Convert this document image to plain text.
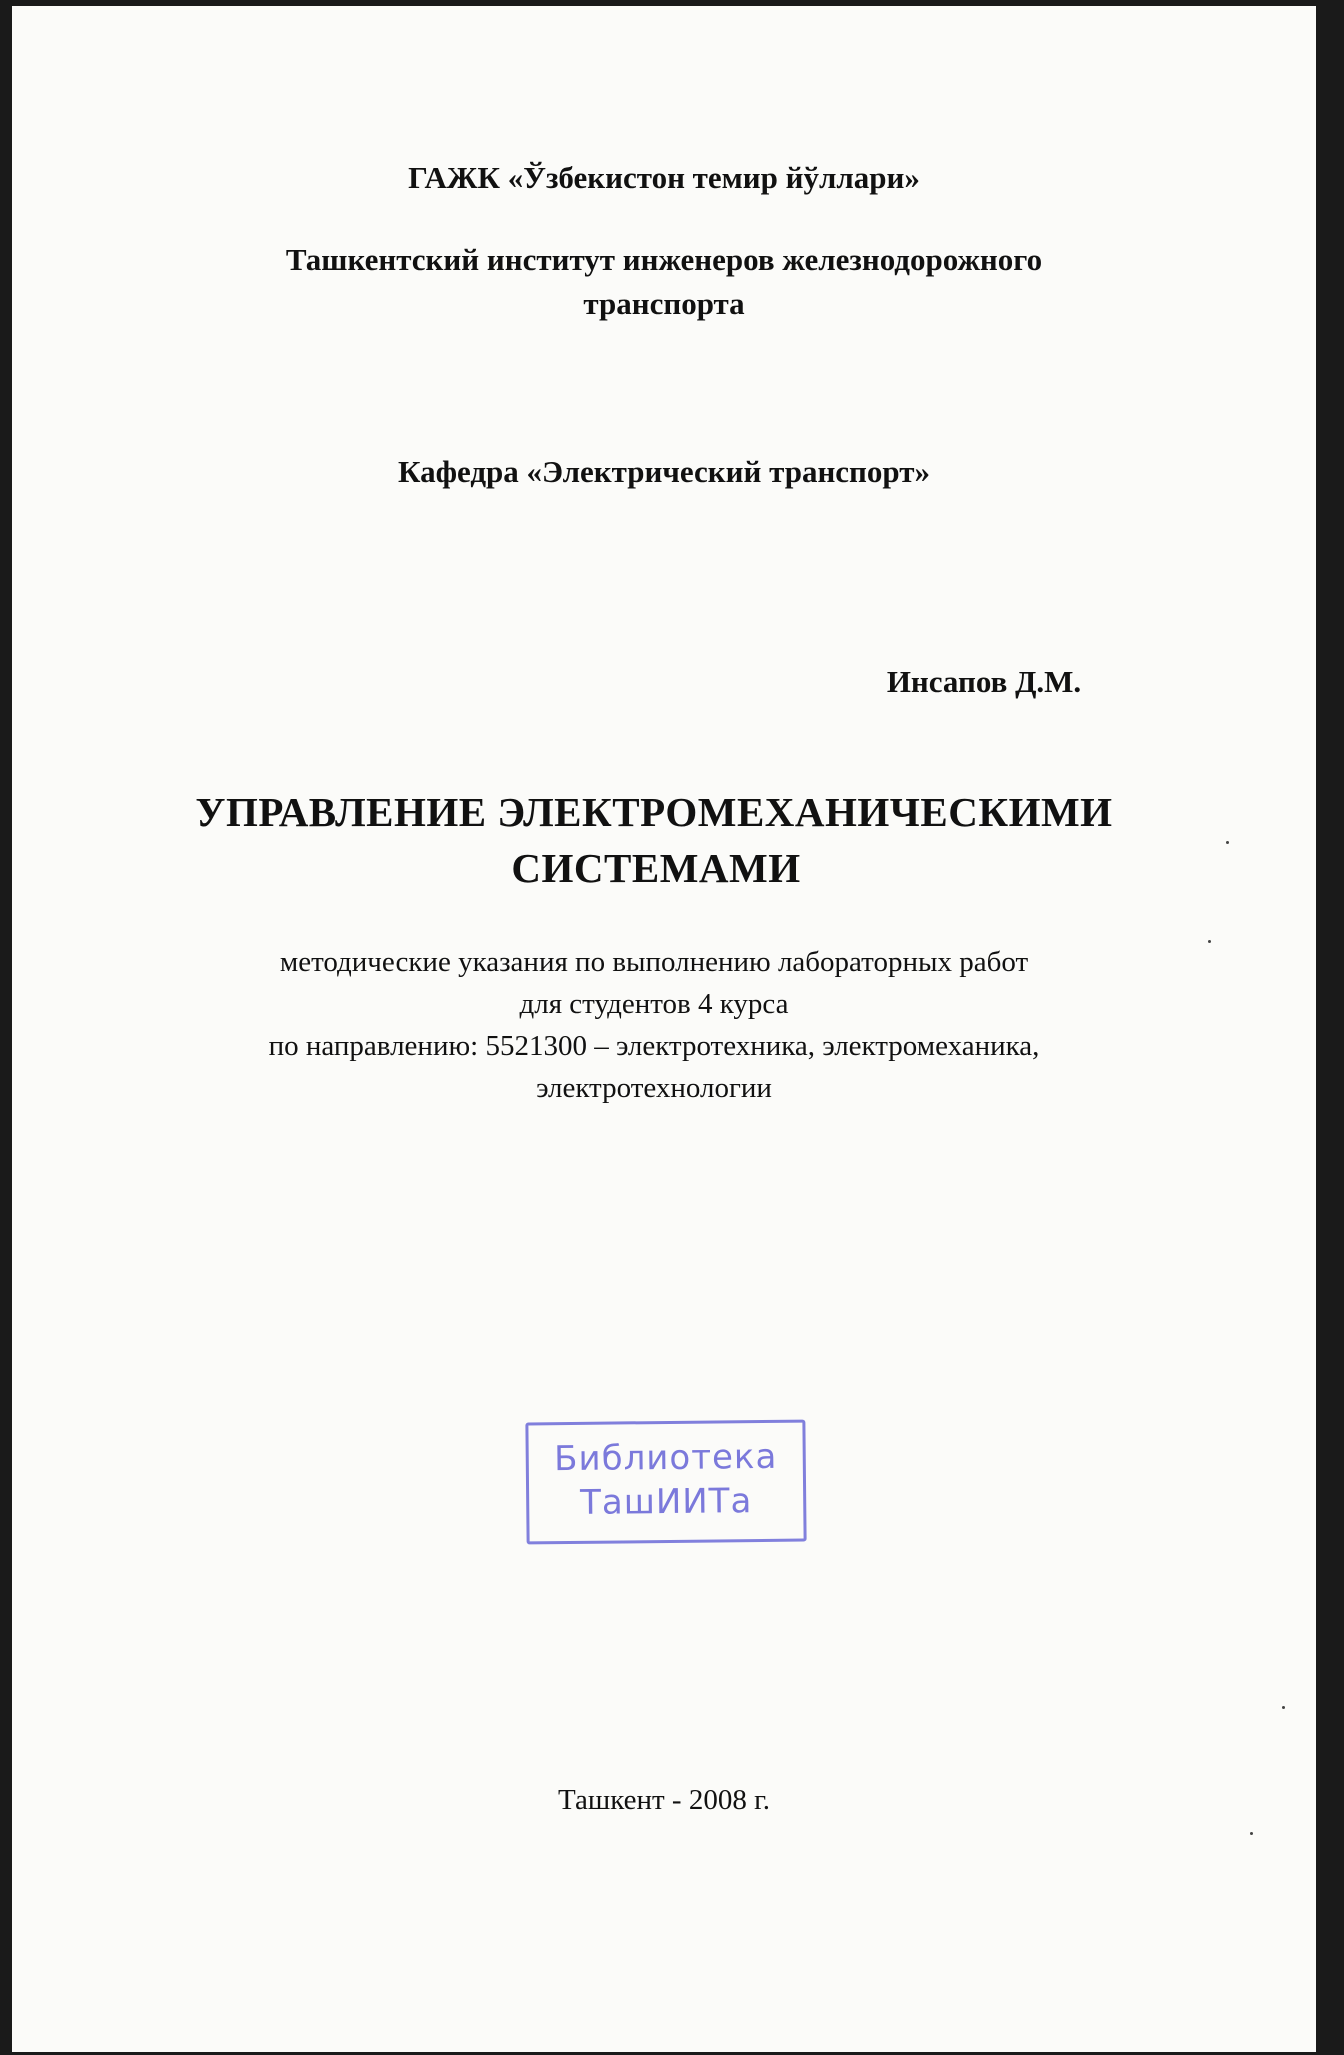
ГАЖК «Ўзбекистон темир йўллари»
Ташкентский институт инженеров железнодорожного
транспорта
Кафедра «Электрический транспорт»
Инсапов Д.М.
УПРАВЛЕНИЕ ЭЛЕКТРОМЕХАНИЧЕСКИМИ
СИСТЕМАМИ
методические указания по выполнению лабораторных работ
для студентов 4 курса
по направлению: 5521300 – электротехника, электромеханика,
электротехнологии
Библиотека
ТашИИТа
Ташкент - 2008 г.
